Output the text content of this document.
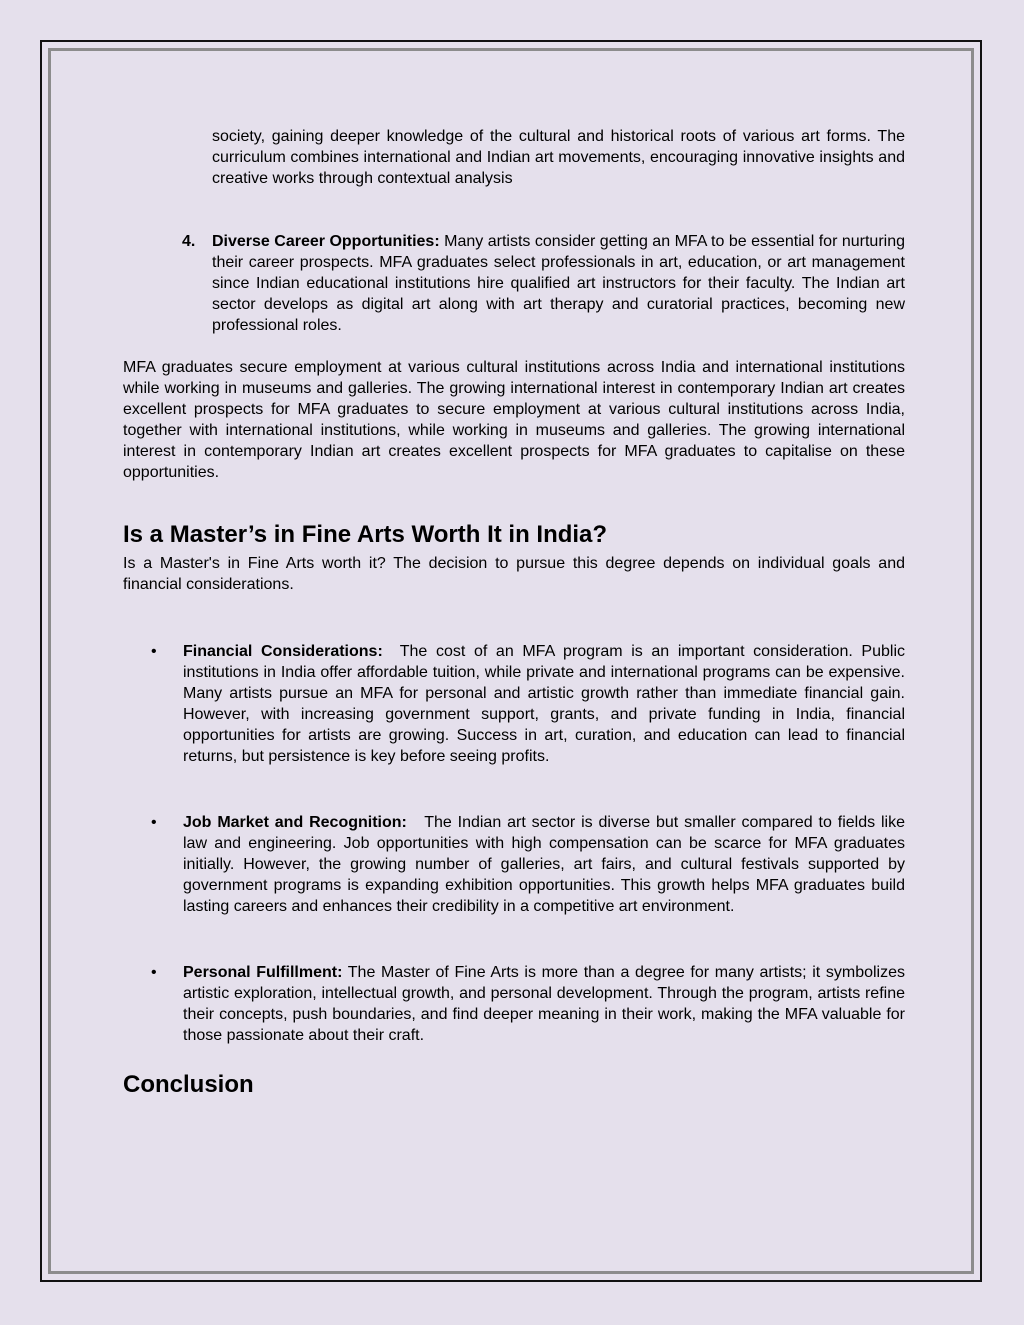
society, gaining deeper knowledge of the cultural and historical roots of various art forms. The curriculum combines international and Indian art movements, encouraging innovative insights and creative works through contextual analysis

4. Diverse Career Opportunities: Many artists consider getting an MFA to be essential for nurturing their career prospects. MFA graduates select professionals in art, education, or art management since Indian educational institutions hire qualified art instructors for their faculty. The Indian art sector develops as digital art along with art therapy and curatorial practices, becoming new professional roles.

MFA graduates secure employment at various cultural institutions across India and international institutions while working in museums and galleries. The growing international interest in contemporary Indian art creates excellent prospects for MFA graduates to secure employment at various cultural institutions across India, together with international institutions, while working in museums and galleries. The growing international interest in contemporary Indian art creates excellent prospects for MFA graduates to capitalise on these opportunities.

Is a Master’s in Fine Arts Worth It in India?

Is a Master's in Fine Arts worth it? The decision to pursue this degree depends on individual goals and financial considerations.

• Financial Considerations:  The cost of an MFA program is an important consideration. Public institutions in India offer affordable tuition, while private and international programs can be expensive. Many artists pursue an MFA for personal and artistic growth rather than immediate financial gain. However, with increasing government support, grants, and private funding in India, financial opportunities for artists are growing. Success in art, curation, and education can lead to financial returns, but persistence is key before seeing profits.

• Job Market and Recognition:   The Indian art sector is diverse but smaller compared to fields like law and engineering. Job opportunities with high compensation can be scarce for MFA graduates initially. However, the growing number of galleries, art fairs, and cultural festivals supported by government programs is expanding exhibition opportunities. This growth helps MFA graduates build lasting careers and enhances their credibility in a competitive art environment.

• Personal Fulfillment: The Master of Fine Arts is more than a degree for many artists; it symbolizes artistic exploration, intellectual growth, and personal development. Through the program, artists refine their concepts, push boundaries, and find deeper meaning in their work, making the MFA valuable for those passionate about their craft.

Conclusion
